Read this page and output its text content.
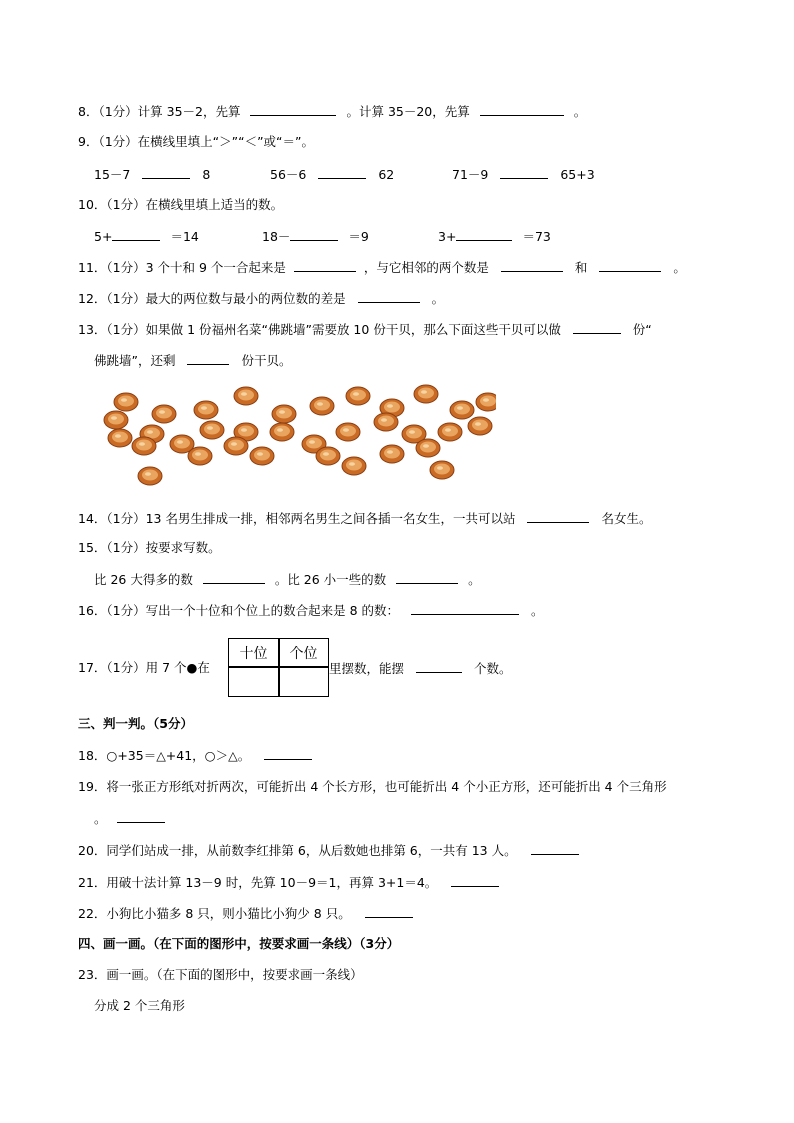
8．（1分）计算 35－2，先算	。计算 35－20，先算	。
9．（1分）在横线里填上“＞”“＜”或“＝”。
15－7	8	56－6	62	71－9	65+3
10．（1分）在横线里填上适当的数。
5+	＝14	18－	＝9	3+	＝73
11．（1分）3 个十和 9 个一合起来是	，与它相邻的两个数是	和	。
12．（1分）最大的两位数与最小的两位数的差是	。
13．（1分）如果做 1 份福州名菜“佛跳墙”需要放 10 份干贝，那么下面这些干贝可以做	份“
佛跳墙”，还剩	份干贝。
14．（1分）13 名男生排成一排，相邻两名男生之间各插一名女生，一共可以站	名女生。
15．（1分）按要求写数。
比 26 大得多的数	。比 26 小一些的数	。
16．（1分）写出一个十位和个位上的数合起来是 8 的数：	。
17．（1分）用 7 个●在
十位	个位
里摆数，能摆	个数。
三、判一判。（5分）
18．○+35＝△+41，○＞△。
19．将一张正方形纸对折两次，可能折出 4 个长方形，也可能折出 4 个小正方形，还可能折出 4 个三角形
。
20．同学们站成一排，从前数李红排第 6，从后数她也排第 6，一共有 13 人。
21．用破十法计算 13－9 时，先算 10－9＝1，再算 3+1＝4。
22．小狗比小猫多 8 只，则小猫比小狗少 8 只。
四、画一画。（在下面的图形中，按要求画一条线）（3分）
23．画一画。（在下面的图形中，按要求画一条线）
分成 2 个三角形
